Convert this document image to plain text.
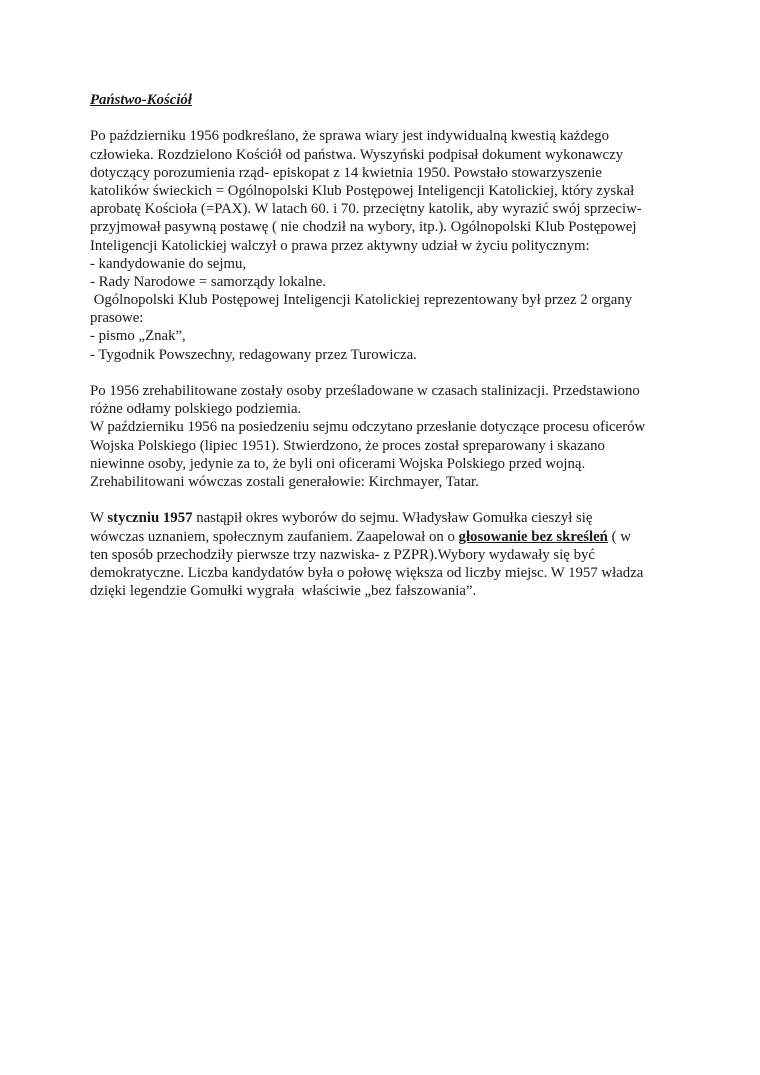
Państwo-Kościół
Po październiku 1956 podkreślano, że sprawa wiary jest indywidualną kwestią każdego
człowieka. Rozdzielono Kościół od państwa. Wyszyński podpisał dokument wykonawczy
dotyczący porozumienia rząd- episkopat z 14 kwietnia 1950. Powstało stowarzyszenie
katolików świeckich = Ogólnopolski Klub Postępowej Inteligencji Katolickiej, który zyskał
aprobatę Kościoła (=PAX). W latach 60. i 70. przeciętny katolik, aby wyrazić swój sprzeciw-
przyjmował pasywną postawę ( nie chodził na wybory, itp.). Ogólnopolski Klub Postępowej
Inteligencji Katolickiej walczył o prawa przez aktywny udział w życiu politycznym:
- kandydowanie do sejmu,
- Rady Narodowe = samorządy lokalne.
Ogólnopolski Klub Postępowej Inteligencji Katolickiej reprezentowany był przez 2 organy
prasowe:
- pismo „Znak”,
- Tygodnik Powszechny, redagowany przez Turowicza.
Po 1956 zrehabilitowane zostały osoby prześladowane w czasach stalinizacji. Przedstawiono
różne odłamy polskiego podziemia.
W październiku 1956 na posiedzeniu sejmu odczytano przesłanie dotyczące procesu oficerów
Wojska Polskiego (lipiec 1951). Stwierdzono, że proces został spreparowany i skazano
niewinne osoby, jedynie za to, że byli oni oficerami Wojska Polskiego przed wojną.
Zrehabilitowani wówczas zostali generałowie: Kirchmayer, Tatar.
W styczniu 1957 nastąpił okres wyborów do sejmu. Władysław Gomułka cieszył się
wówczas uznaniem, społecznym zaufaniem. Zaapelował on o głosowanie bez skreśleń ( w
ten sposób przechodziły pierwsze trzy nazwiska- z PZPR).Wybory wydawały się być
demokratyczne. Liczba kandydatów była o połowę większa od liczby miejsc. W 1957 władza
dzięki legendzie Gomułki wygrała  właściwie „bez fałszowania”.
